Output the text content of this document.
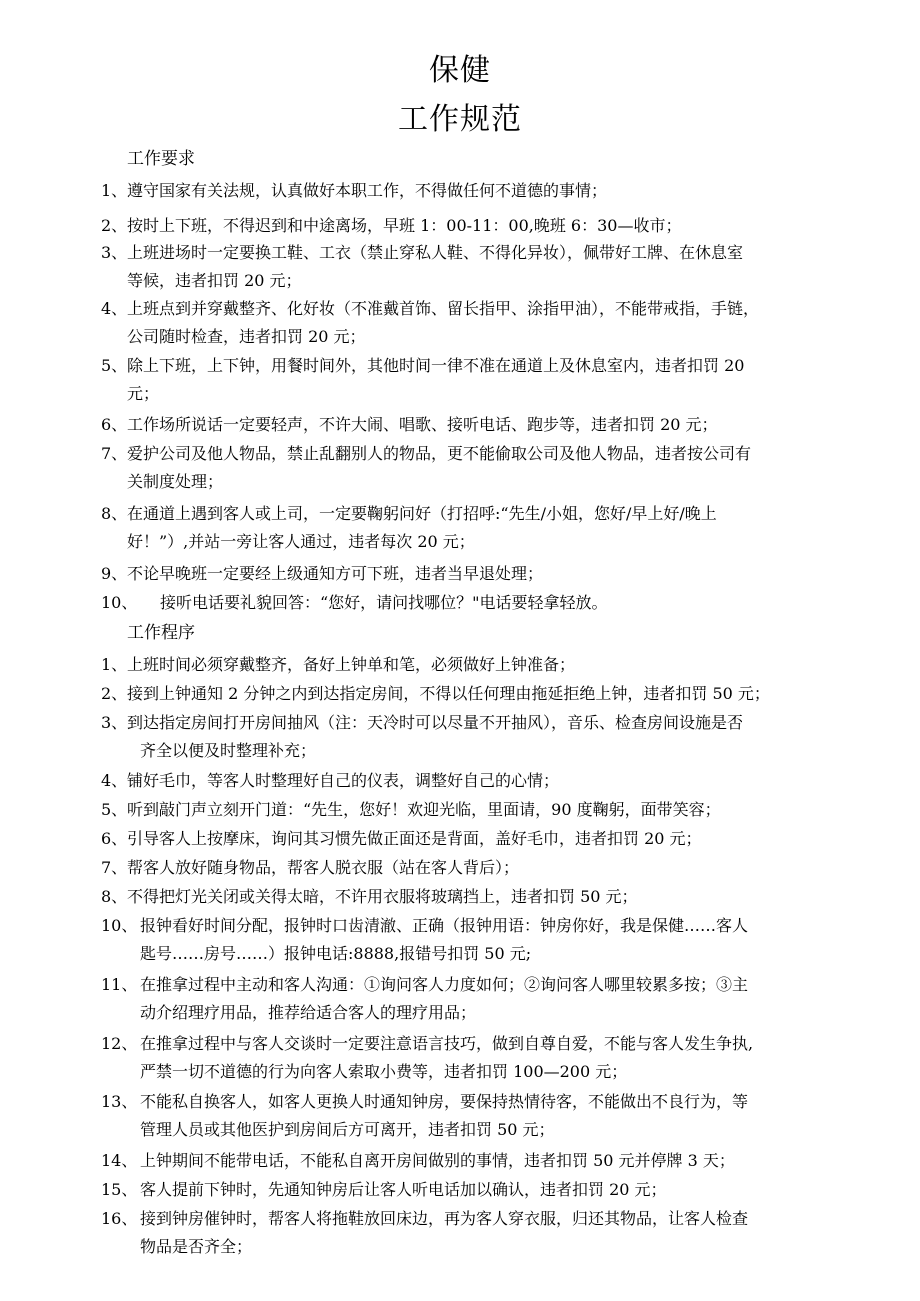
保健
工作规范
工作要求
1、 遵守国家有关法规，认真做好本职工作，不得做任何不道德的事情；
2、 按时上下班，不得迟到和中途离场，早班 1：00-11：00,晚班 6：30—收市；
3、 上班进场时一定要换工鞋、工衣（禁止穿私人鞋、不得化异妆），佩带好工牌、在休息室
等候，违者扣罚 20 元；
4、 上班点到并穿戴整齐、化好妆（不准戴首饰、留长指甲、涂指甲油），不能带戒指，手链，
公司随时检查，违者扣罚 20 元；
5、 除上下班，上下钟，用餐时间外，其他时间一律不准在通道上及休息室内，违者扣罚 20
元；
6、 工作场所说话一定要轻声，不许大闹、唱歌、接听电话、跑步等，违者扣罚 20 元；
7、 爱护公司及他人物品，禁止乱翻别人的物品，更不能偷取公司及他人物品，违者按公司有
关制度处理；
8、 在通道上遇到客人或上司，一定要鞠躬问好（打招呼:“先生/小姐，您好/早上好/晚上
好！”）,并站一旁让客人通过，违者每次 20 元；
9、 不论早晚班一定要经上级通知方可下班，违者当早退处理；
10、 接听电话要礼貌回答：“您好，请问找哪位？"电话要轻拿轻放。
工作程序
1、 上班时间必须穿戴整齐，备好上钟单和笔，必须做好上钟准备；
2、 接到上钟通知 2 分钟之内到达指定房间，不得以任何理由拖延拒绝上钟，违者扣罚 50 元；
3、 到达指定房间打开房间抽风（注：天冷时可以尽量不开抽风），音乐、检查房间设施是否
齐全以便及时整理补充；
4、 铺好毛巾，等客人时整理好自己的仪表，调整好自己的心情；
5、 听到敲门声立刻开门道：“先生，您好！欢迎光临，里面请，90 度鞠躬，面带笑容；
6、 引导客人上按摩床，询问其习惯先做正面还是背面，盖好毛巾，违者扣罚 20 元；
7、 帮客人放好随身物品，帮客人脱衣服（站在客人背后）；
8、 不得把灯光关闭或关得太暗，不许用衣服将玻璃挡上，违者扣罚 50 元；
10、 报钟看好时间分配，报钟时口齿清澈、正确（报钟用语：钟房你好，我是保健……客人
匙号……房号……）报钟电话:8888,报错号扣罚 50 元;
11、 在推拿过程中主动和客人沟通：①询问客人力度如何；②询问客人哪里较累多按；③主
动介绍理疗用品，推荐给适合客人的理疗用品；
12、 在推拿过程中与客人交谈时一定要注意语言技巧，做到自尊自爱，不能与客人发生争执,
严禁一切不道德的行为向客人索取小费等，违者扣罚 100—200 元；
13、 不能私自换客人，如客人更换人时通知钟房，要保持热情待客，不能做出不良行为，等
管理人员或其他医护到房间后方可离开，违者扣罚 50 元；
14、 上钟期间不能带电话，不能私自离开房间做别的事情，违者扣罚 50 元并停牌 3 天；
15、 客人提前下钟时，先通知钟房后让客人听电话加以确认，违者扣罚 20 元；
16、 接到钟房催钟时，帮客人将拖鞋放回床边，再为客人穿衣服，归还其物品，让客人检查
物品是否齐全；
